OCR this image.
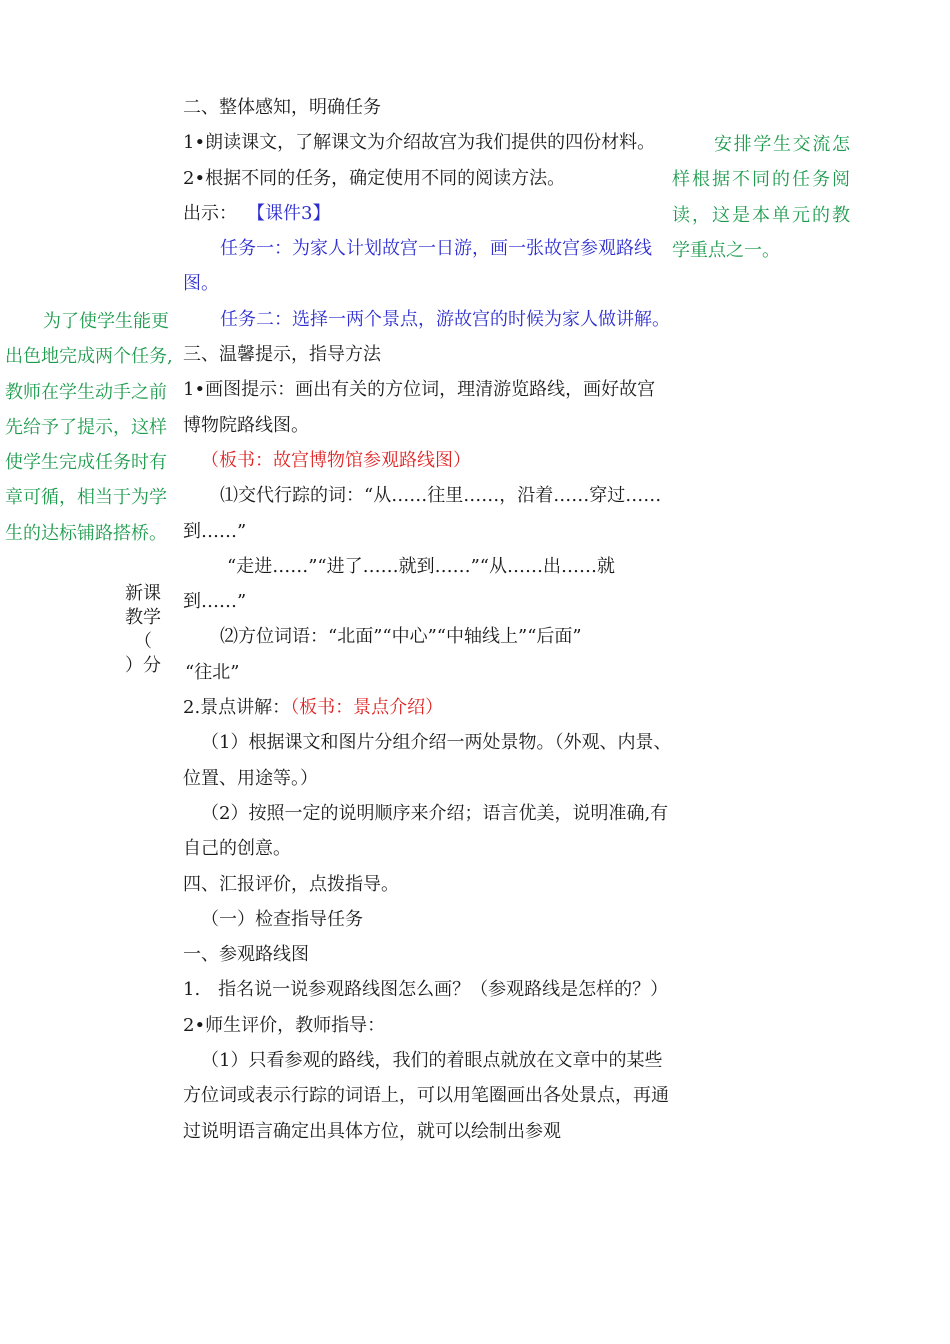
安排学生交流怎样根据不同的任务阅读，这是本单元的教学重点之一。

为了使学生能更出色地完成两个任务,教师在学生动手之前先给予了提示，这样使学生完成任务时有章可循，相当于为学生的达标铺路搭桥。

新课
教学
（
）分

二、整体感知，明确任务

1•朗读课文，了解课文为介绍故宫为我们提供的四份材料。

2•根据不同的任务，确定使用不同的阅读方法。

出示： 【课件3】

任务一：为家人计划故宫一日游，画一张故宫参观路线图。

任务二：选择一两个景点，游故宫的时候为家人做讲解。

三、温馨提示，指导方法

1•画图提示：画出有关的方位词，理清游览路线，画好故宫博物院路线图。

（板书：故宫博物馆参观路线图）

⑴交代行踪的词：“从……往里……，沿着……穿过……到……”

“走进……”“进了……就到……”“从……出……就到……”

⑵方位词语：“北面”“中心”“中轴线上”“后面”

“往北”

2.景点讲解：（板书：景点介绍）

（1）根据课文和图片分组介绍一两处景物。（外观、内景、位置、用途等。）

（2）按照一定的说明顺序来介绍；语言优美，说明准确,有自己的创意。

四、汇报评价，点拨指导。

（一）检查指导任务

一、参观路线图

1.　指名说一说参观路线图怎么画？（参观路线是怎样的？）

2•师生评价，教师指导：

（1）只看参观的路线，我们的着眼点就放在文章中的某些方位词或表示行踪的词语上，可以用笔圈画出各处景点，再通过说明语言确定出具体方位，就可以绘制出参观
